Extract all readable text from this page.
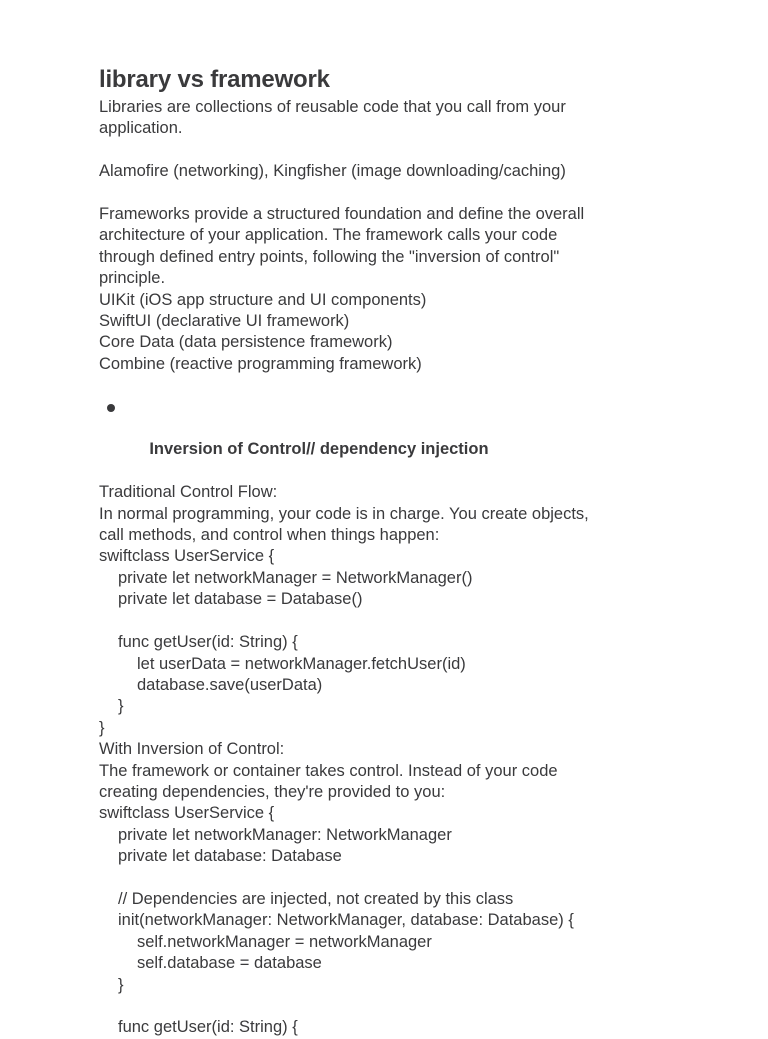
library vs framework
Libraries are collections of reusable code that you call from your
application.
Alamofire (networking), Kingfisher (image downloading/caching)
Frameworks provide a structured foundation and define the overall
architecture of your application. The framework calls your code
through defined entry points, following the "inversion of control"
principle.
UIKit (iOS app structure and UI components)
SwiftUI (declarative UI framework)
Core Data (data persistence framework)
Combine (reactive programming framework)

Inversion of Control// dependency injection

Traditional Control Flow:
In normal programming, your code is in charge. You create objects,
call methods, and control when things happen:
swiftclass UserService {
private let networkManager = NetworkManager()
private let database = Database()
func getUser(id: String) {
let userData = networkManager.fetchUser(id)
database.save(userData)
}
}
With Inversion of Control:
The framework or container takes control. Instead of your code
creating dependencies, they're provided to you:
swiftclass UserService {
private let networkManager: NetworkManager
private let database: Database
// Dependencies are injected, not created by this class
init(networkManager: NetworkManager, database: Database) {
self.networkManager = networkManager
self.database = database
}
func getUser(id: String) {
